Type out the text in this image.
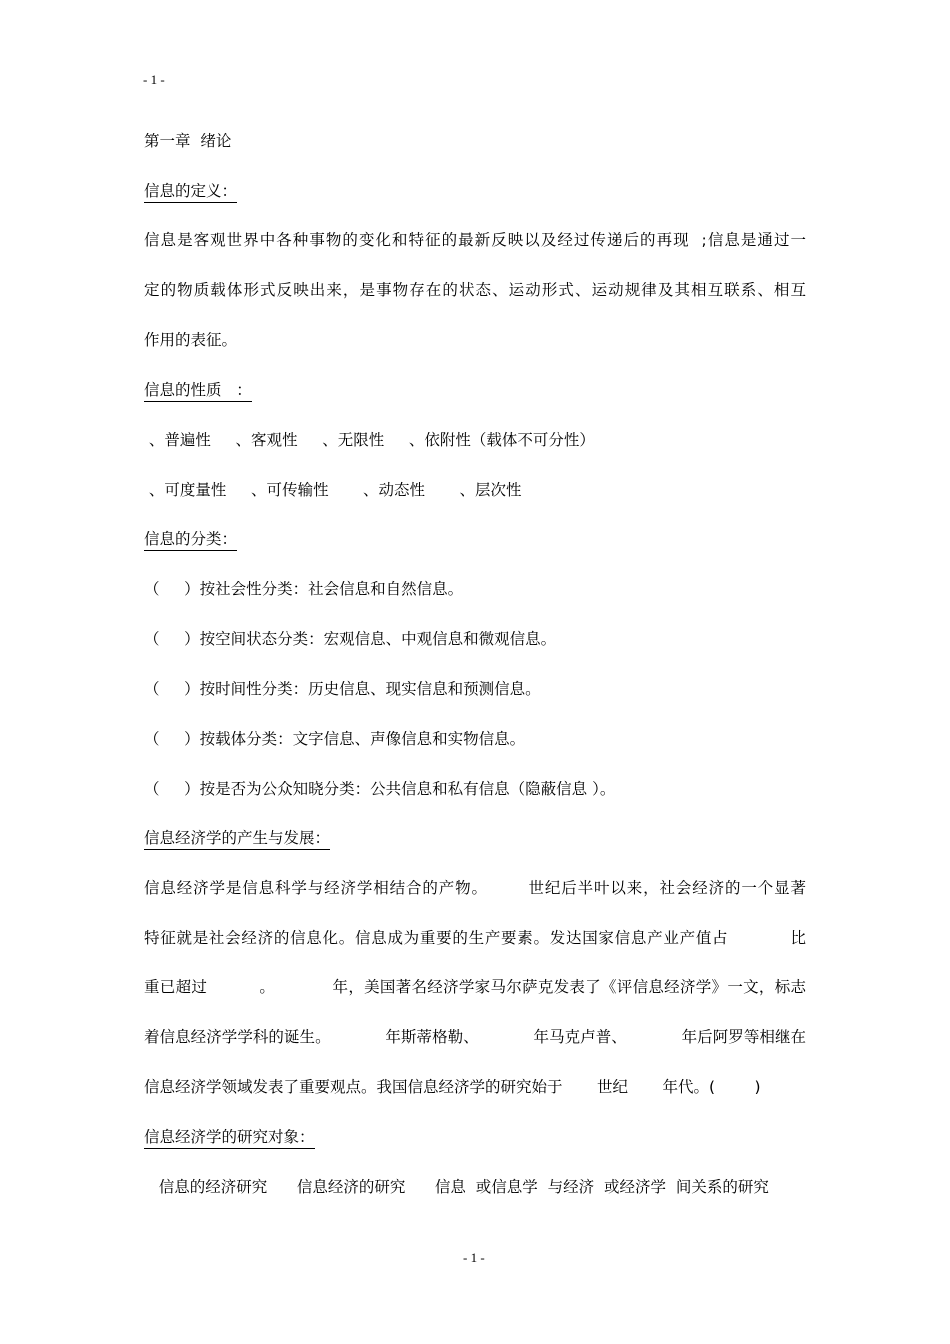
- 1 -
第一章  绪论
信息的定义：
信息是客观世界中各种事物的变化和特征的最新反映以及经过传递后的再现  ;信息是通过一
定的物质载体形式反映出来，是事物存在的状态、运动形式、运动规律及其相互联系、相互
作用的表征。
信息的性质   ：
、普遍性     、客观性     、无限性     、依附性（载体不可分性）
、可度量性     、可传输性       、动态性       、层次性
信息的分类：
（     ）按社会性分类：社会信息和自然信息。
（     ）按空间状态分类：宏观信息、中观信息和微观信息。
（     ）按时间性分类：历史信息、现实信息和预测信息。
（     ）按载体分类：文字信息、声像信息和实物信息。
（     ）按是否为公众知晓分类：公共信息和私有信息（隐蔽信息 ）。
信息经济学的产生与发展：
信息经济学是信息科学与经济学相结合的产物。       世纪后半叶以来，社会经济的一个显著
特征就是社会经济的信息化。信息成为重要的生产要素。发达国家信息产业产值占           比
重已超过          。           年，美国著名经济学家马尔萨克发表了《评信息经济学》一文，标志
着信息经济学学科的诞生。           年斯蒂格勒、           年马克卢普、           年后阿罗等相继在
信息经济学领域发表了重要观点。我国信息经济学的研究始于       世纪       年代。(        )
信息经济学的研究对象：
信息的经济研究      信息经济的研究      信息  或信息学  与经济  或经济学  间关系的研究
- 1 -
